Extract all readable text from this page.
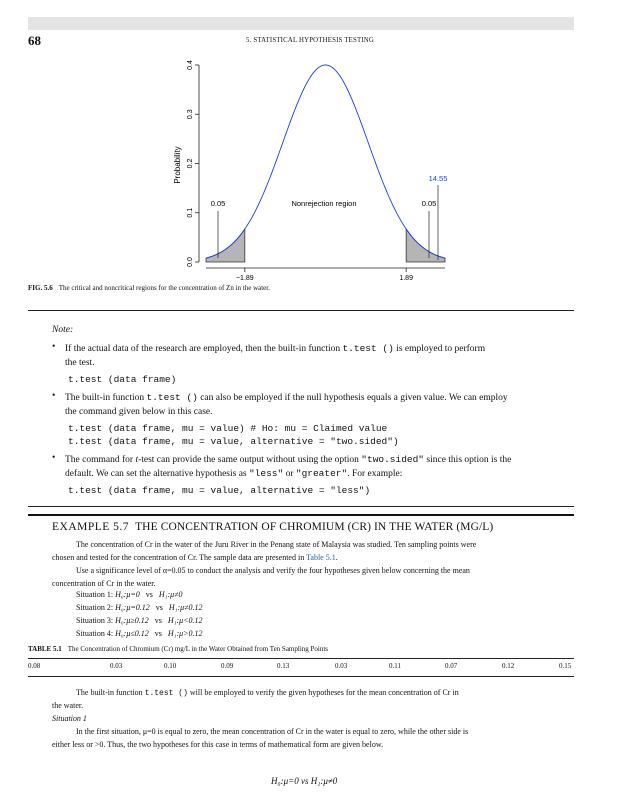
68	5. STATISTICAL HYPOTHESIS TESTING
0.0
0.1
0.2
0.3
0.4
−1.89	1.89
Probability
Nonrejection region
0.05	0.05
14.55
FIG. 5.6 The critical and noncritical regions for the concentration of Zn in the water.
Note:
• If the actual data of the research are employed, then the built-in function t.test () is employed to perform
the test.
t.test (data frame)
• The built-in function t.test () can also be employed if the null hypothesis equals a given value. We can employ
the command given below in this case.
t.test (data frame, mu = value) # Ho: mu = Claimed value
t.test (data frame, mu = value, alternative = "two.sided")
• The command for t-test can provide the same output without using the option "two.sided" since this option is the
default. We can set the alternative hypothesis as "less" or "greater". For example:
t.test (data frame, mu = value, alternative = "less")
EXAMPLE 5.7 THE CONCENTRATION OF CHROMIUM (CR) IN THE WATER (MG/L)
The concentration of Cr in the water of the Juru River in the Penang state of Malaysia was studied. Ten sampling points were
chosen and tested for the concentration of Cr. The sample data are presented in Table 5.1.
Use a significance level of α=0.05 to conduct the analysis and verify the four hypotheses given below concerning the mean
concentration of Cr in the water.
Situation 1: H₀:μ=0 vs H₁:μ≠0
Situation 2: H₀:μ=0.12 vs H₁:μ≠0.12
Situation 3: H₀:μ≥0.12 vs H₁:μ<0.12
Situation 4: H₀:μ≤0.12 vs H₁:μ>0.12
TABLE 5.1 The Concentration of Chromium (Cr) mg/L in the Water Obtained from Ten Sampling Points
0.08	0.03	0.10	0.09	0.13	0.03	0.11	0.07	0.12	0.15
The built-in function t.test () will be employed to verify the given hypotheses for the mean concentration of Cr in
the water.
Situation 1
In the first situation, μ=0 is equal to zero, the mean concentration of Cr in the water is equal to zero, while the other side is
either less or >0. Thus, the two hypotheses for this case in terms of mathematical form are given below.
H₀:μ=0 vs H₁:μ≠0
